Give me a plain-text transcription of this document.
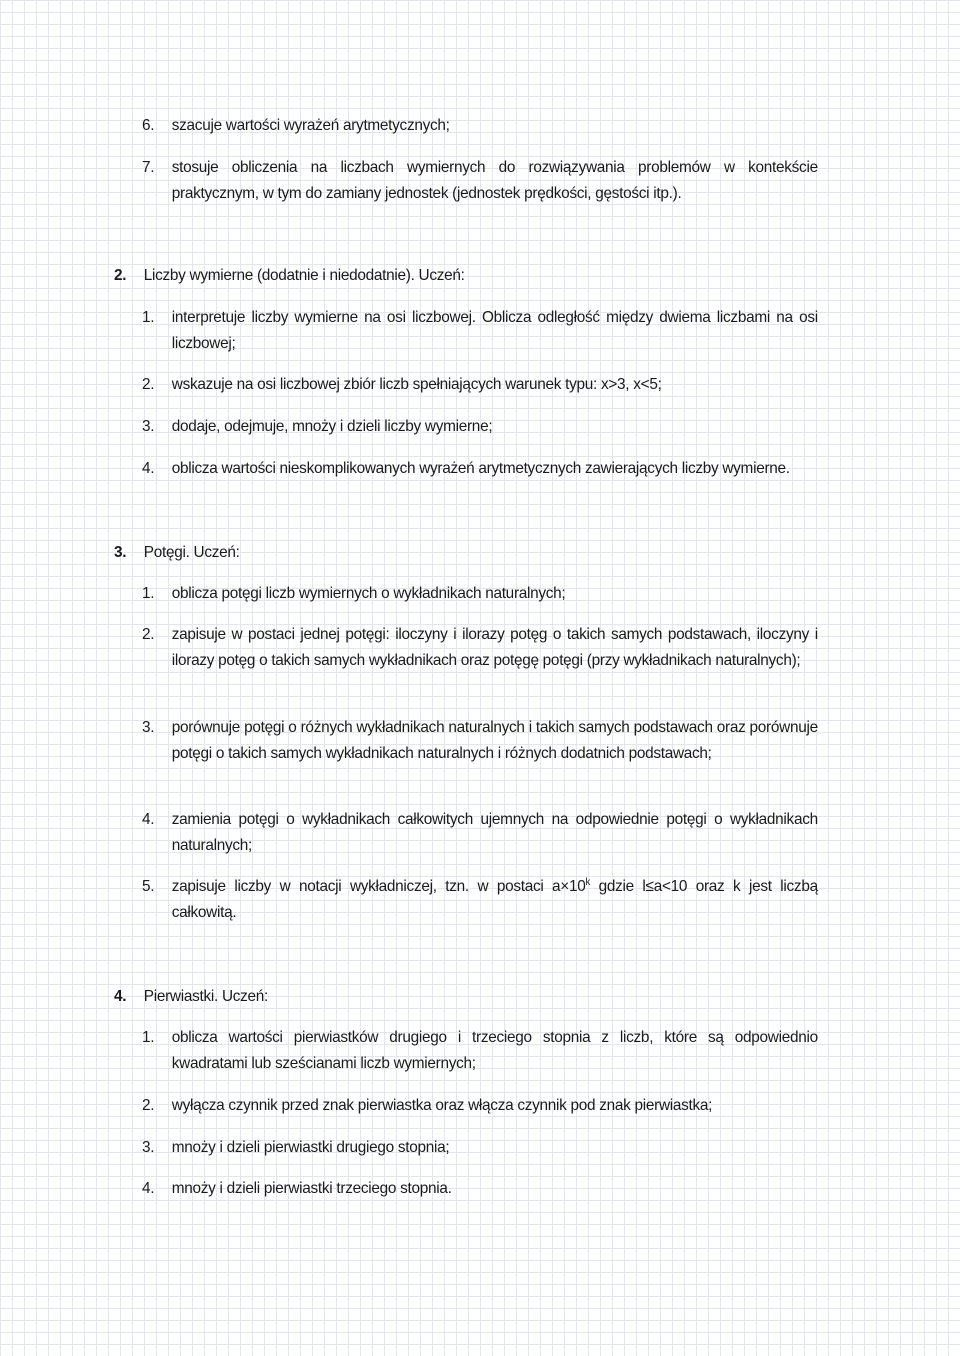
6.	szacuje wartości wyrażeń arytmetycznych;
7.	stosuje obliczenia na liczbach wymiernych do rozwiązywania problemów w kontekście praktycznym, w tym do zamiany jednostek (jednostek prędkości, gęstości itp.).
2. Liczby wymierne (dodatnie i niedodatnie). Uczeń:
1.	interpretuje liczby wymierne na osi liczbowej. Oblicza odległość między dwiema liczbami na osi liczbowej;
2.	wskazuje na osi liczbowej zbiór liczb spełniających warunek typu: x>3, x<5;
3.	dodaje, odejmuje, mnoży i dzieli liczby wymierne;
4.	oblicza wartości nieskomplikowanych wyrażeń arytmetycznych zawierających liczby wymierne.
3. Potęgi. Uczeń:
1.	oblicza potęgi liczb wymiernych o wykładnikach naturalnych;
2.	zapisuje w postaci jednej potęgi: iloczyny i ilorazy potęg o takich samych podstawach, iloczyny i ilorazy potęg o takich samych wykładnikach oraz potęgę potęgi (przy wykładnikach naturalnych);
3.	porównuje potęgi o różnych wykładnikach naturalnych i takich samych podstawach oraz porównuje potęgi o takich samych wykładnikach naturalnych i różnych dodatnich podstawach;
4.	zamienia potęgi o wykładnikach całkowitych ujemnych na odpowiednie potęgi o wykładnikach naturalnych;
5.	zapisuje liczby w notacji wykładniczej, tzn. w postaci $a\times 10^k$ gdzie l≤a<10 oraz k jest liczbą całkowitą.
4. Pierwiastki. Uczeń:
1.	oblicza wartości pierwiastków drugiego i trzeciego stopnia z liczb, które są odpowiednio kwadratami lub sześcianami liczb wymiernych;
2.	wyłącza czynnik przed znak pierwiastka oraz włącza czynnik pod znak pierwiastka;
3.	mnoży i dzieli pierwiastki drugiego stopnia;
4.	mnoży i dzieli pierwiastki trzeciego stopnia.
